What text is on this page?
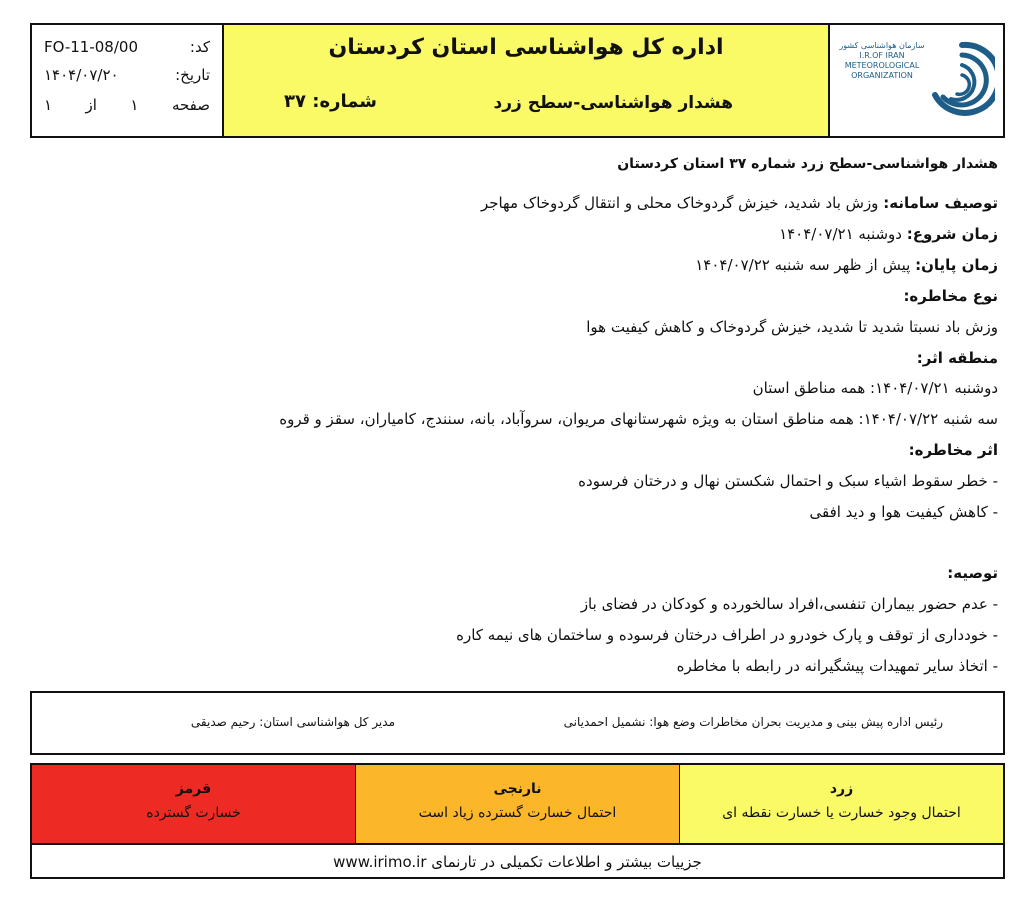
کد:
FO-11-08/00
تاریخ:
۱۴۰۴/۰۷/۲۰
صفحه
۱
از
۱
اداره کل هواشناسی استان کردستان
هشدار هواشناسی-سطح زرد
شماره: ۳۷
سازمان هواشناسی کشور
I.R.OF IRAN
METEOROLOGICAL
ORGANIZATION
هشدار هواشناسی-سطح زرد شماره ۳۷ استان کردستان
توصیف سامانه: وزش باد شدید، خیزش گردوخاک محلی و انتقال گردوخاک مهاجر
زمان شروع: دوشنبه ۱۴۰۴/۰۷/۲۱
زمان پایان: پیش از ظهر سه شنبه ۱۴۰۴/۰۷/۲۲
نوع مخاطره:
وزش باد نسبتا شدید تا شدید، خیزش گردوخاک و کاهش کیفیت هوا
منطقه اثر:
دوشنبه ۱۴۰۴/۰۷/۲۱: همه مناطق استان
سه شنبه ۱۴۰۴/۰۷/۲۲: همه مناطق استان به ویژه شهرستانهای مریوان، سروآباد، بانه، سنندج، کامیاران، سقز و قروه
اثر مخاطره:
- خطر سقوط اشیاء سبک و احتمال شکستن نهال و درختان فرسوده
- کاهش کیفیت هوا و دید افقی
توصیه:
- عدم حضور بیماران تنفسی،افراد سالخورده و کودکان در فضای باز
- خودداری از توقف و پارک خودرو در اطراف درختان فرسوده و ساختمان های نیمه کاره
- اتخاذ سایر تمهیدات پیشگیرانه در رابطه با مخاطره
رئیس اداره پیش بینی و مدیریت بحران مخاطرات وضع هوا: نشمیل احمدیانی
مدیر کل هواشناسی استان: رحیم صدیقی
قرمز
خسارت گسترده
نارنجی
احتمال خسارت گسترده زیاد است
زرد
احتمال وجود خسارت یا خسارت نقطه ای
جزییات بیشتر و اطلاعات تکمیلی در تارنمای www.irimo.ir
